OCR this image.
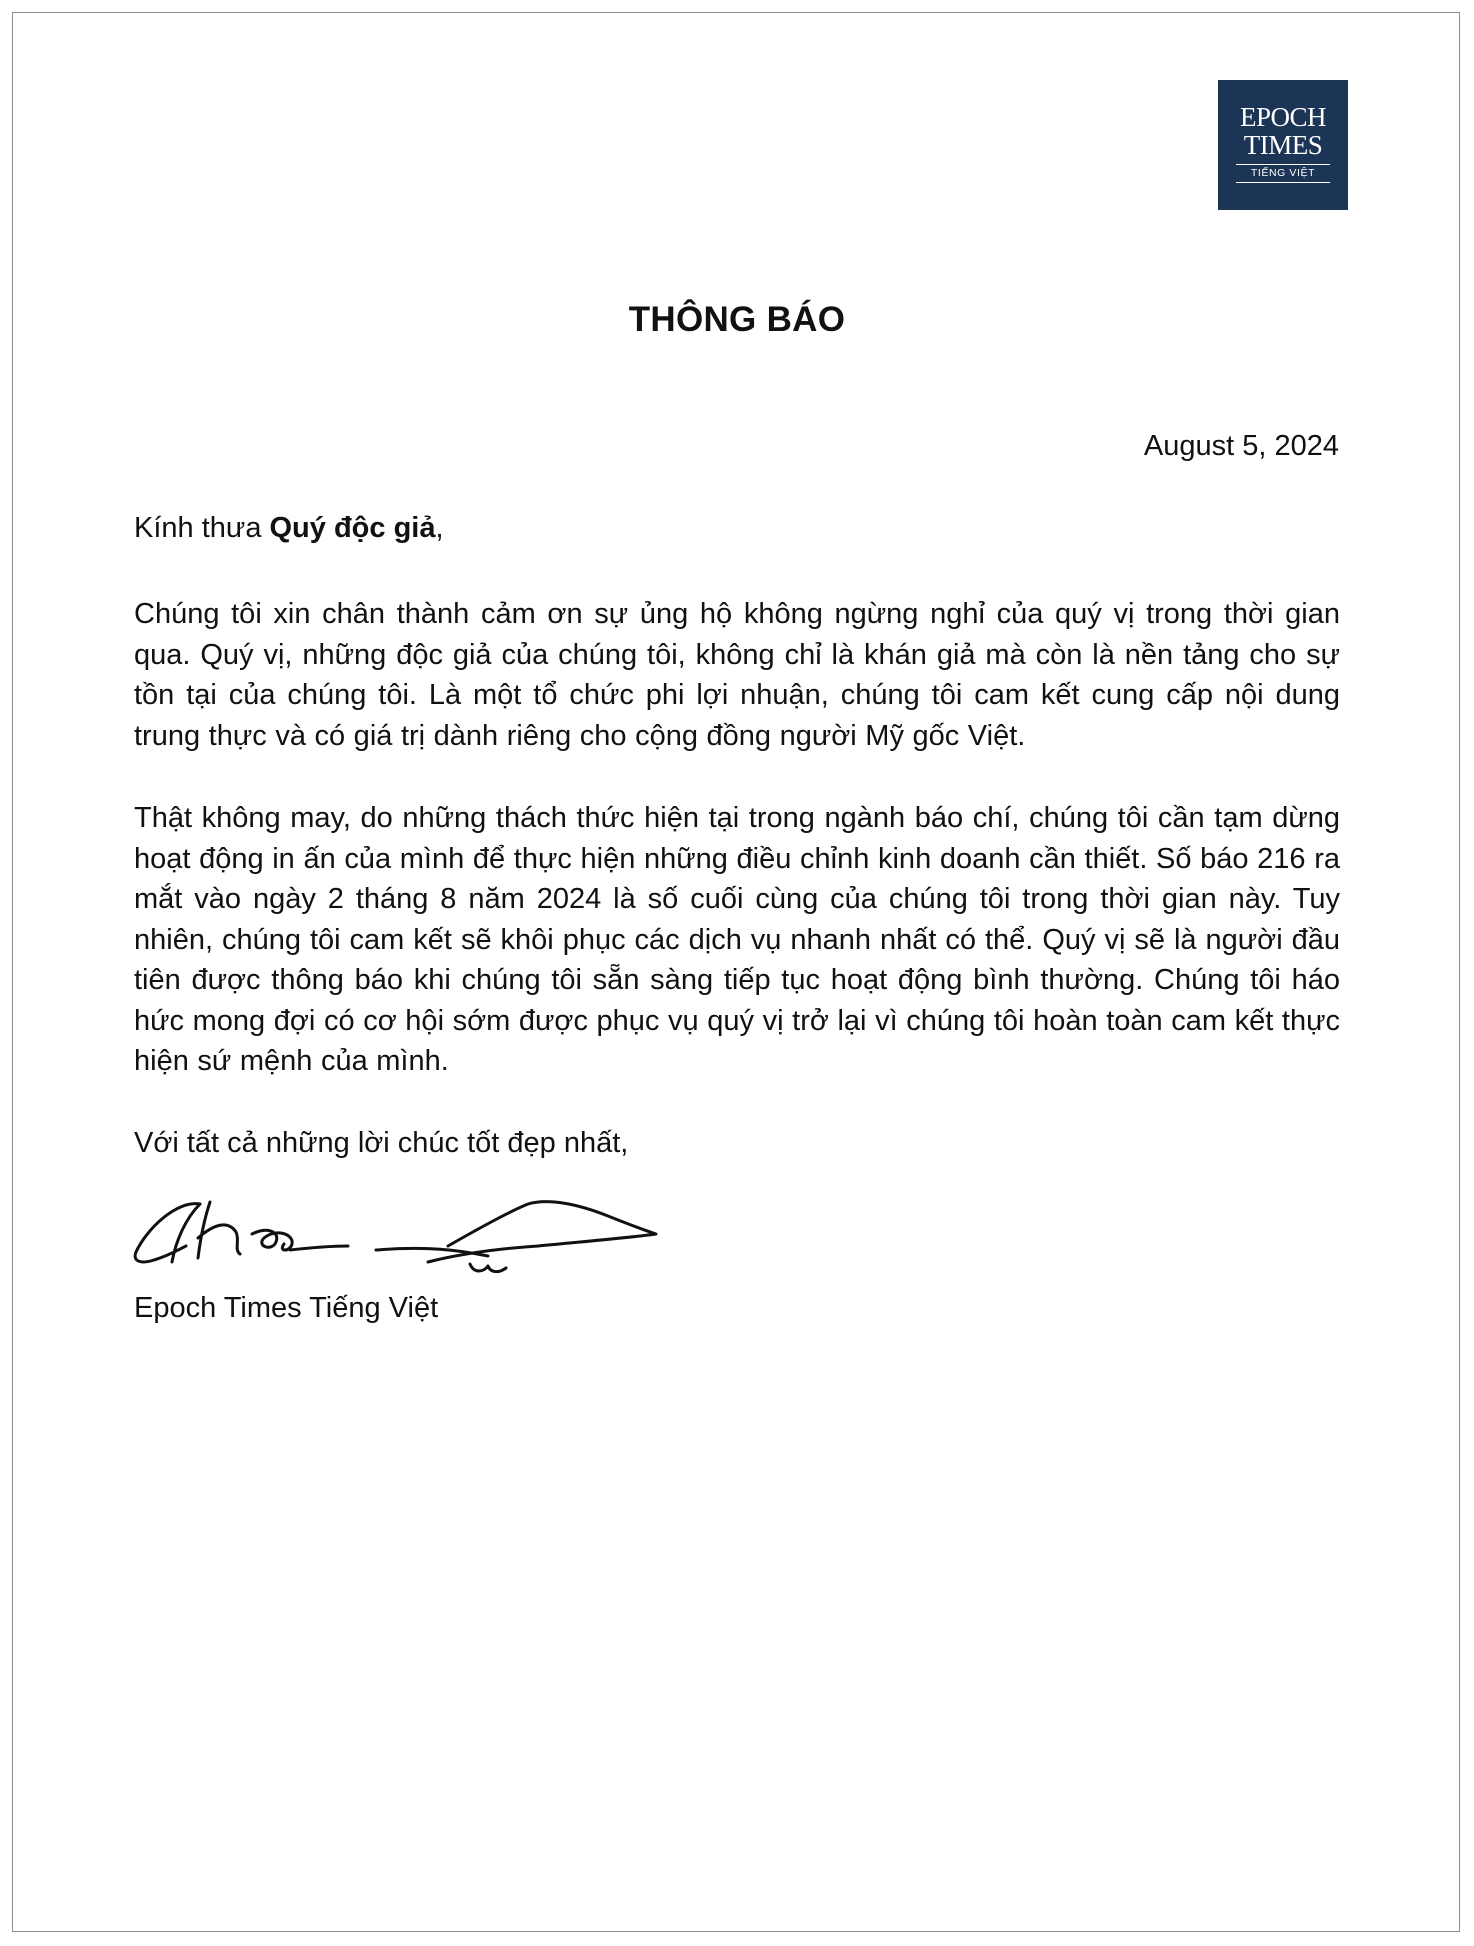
EPOCH
TIMES
TIẾNG VIỆT
THÔNG BÁO
August 5, 2024
Kính thưa Quý độc giả,
Chúng tôi xin chân thành cảm ơn sự ủng hộ không ngừng nghỉ của quý vị trong thời gian qua. Quý vị, những độc giả của chúng tôi, không chỉ là khán giả mà còn là nền tảng cho sự tồn tại của chúng tôi. Là một tổ chức phi lợi nhuận, chúng tôi cam kết cung cấp nội dung trung thực và có giá trị dành riêng cho cộng đồng người Mỹ gốc Việt.
Thật không may, do những thách thức hiện tại trong ngành báo chí, chúng tôi cần tạm dừng hoạt động in ấn của mình để thực hiện những điều chỉnh kinh doanh cần thiết. Số báo 216 ra mắt vào ngày 2 tháng 8 năm 2024 là số cuối cùng của chúng tôi trong thời gian này. Tuy nhiên, chúng tôi cam kết sẽ khôi phục các dịch vụ nhanh nhất có thể. Quý vị sẽ là người đầu tiên được thông báo khi chúng tôi sẵn sàng tiếp tục hoạt động bình thường. Chúng tôi háo hức mong đợi có cơ hội sớm được phục vụ quý vị trở lại vì chúng tôi hoàn toàn cam kết thực hiện sứ mệnh của mình.
Với tất cả những lời chúc tốt đẹp nhất,
Epoch Times Tiếng Việt
